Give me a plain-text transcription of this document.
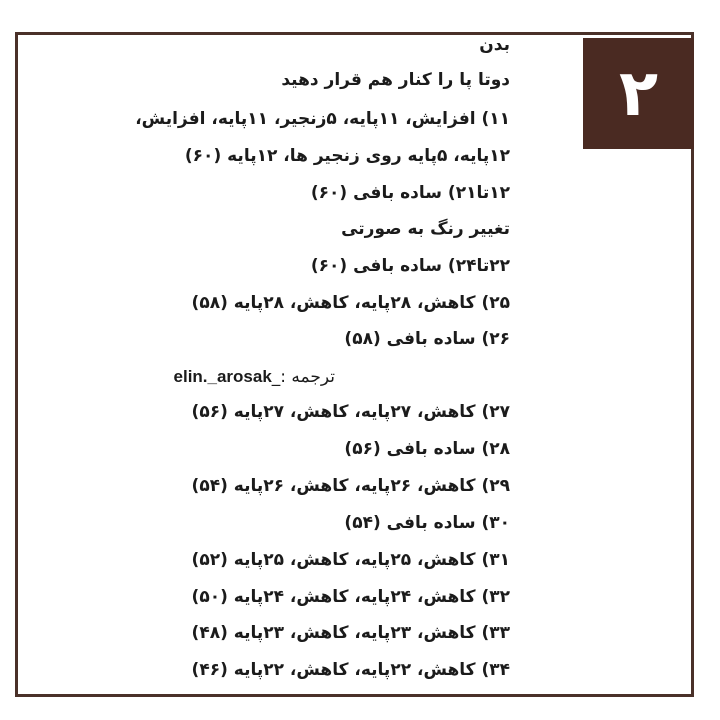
۲
بدن
دوتا پا را کنار هم قرار دهید
۱۱) افزایش، ۱۱پایه، ۵زنجیر، ۱۱پایه، افزایش،
۱۲پایه، ۵پایه روی زنجیر ها، ۱۲پایه (۶۰)
۱۲تا۲۱) ساده بافی (۶۰)
تغییر رنگ به صورتی
۲۲تا۲۴) ساده بافی (۶۰)
۲۵) کاهش، ۲۸پایه، کاهش، ۲۸پایه (۵۸)
۲۶) ساده بافی (۵۸)
ترجمه :_elin._arosak
۲۷) کاهش، ۲۷پایه، کاهش، ۲۷پایه (۵۶)
۲۸) ساده بافی (۵۶)
۲۹) کاهش، ۲۶پایه، کاهش، ۲۶پایه (۵۴)
۳۰) ساده بافی (۵۴)
۳۱) کاهش، ۲۵پایه، کاهش، ۲۵پایه (۵۲)
۳۲) کاهش، ۲۴پایه، کاهش، ۲۴پایه (۵۰)
۳۳) کاهش، ۲۳پایه، کاهش، ۲۳پایه (۴۸)
۳۴) کاهش، ۲۲پایه، کاهش، ۲۲پایه (۴۶)
